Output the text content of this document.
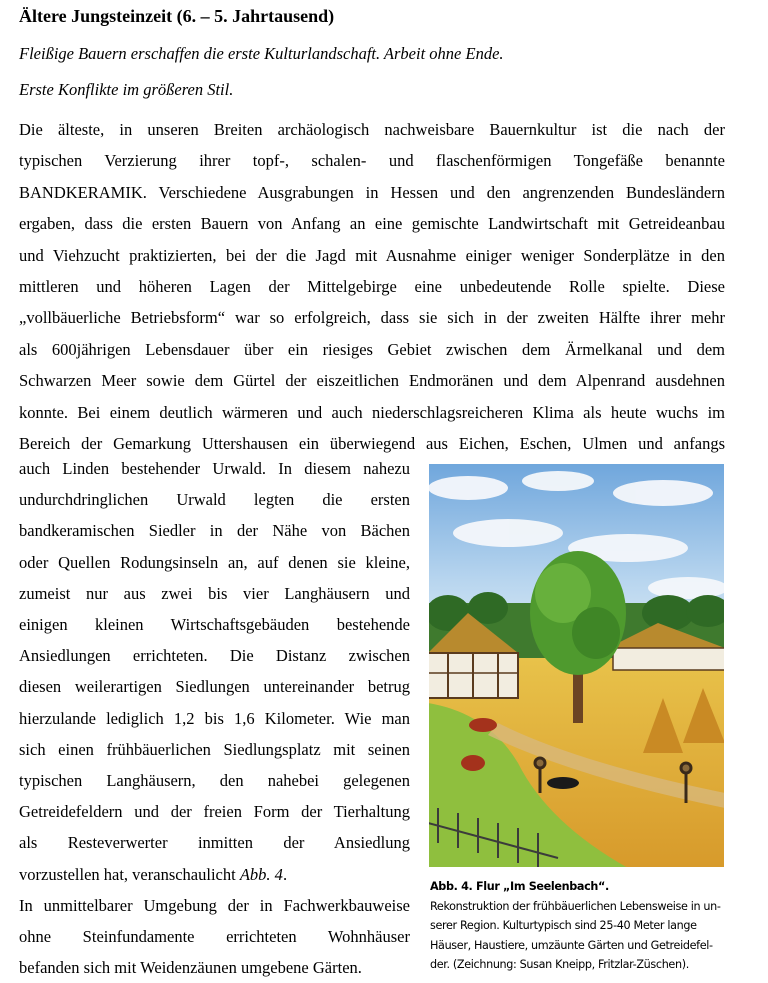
Ältere Jungsteinzeit (6. – 5. Jahrtausend)
Fleißige Bauern erschaffen die erste Kulturlandschaft. Arbeit ohne Ende.
Erste Konflikte im größeren Stil.
Die älteste, in unseren Breiten archäologisch nachweisbare Bauernkultur ist die nach der
typischen Verzierung ihrer topf-, schalen- und flaschenförmigen Tongefäße benannte
BANDKERAMIK. Verschiedene Ausgrabungen in Hessen und den angrenzenden Bundesländern
ergaben, dass die ersten Bauern von Anfang an eine gemischte Landwirtschaft mit Getreideanbau
und Viehzucht praktizierten, bei der die Jagd mit Ausnahme einiger weniger Sonderplätze in den
mittleren und höheren Lagen der Mittelgebirge eine unbedeutende Rolle spielte. Diese
„vollbäuerliche Betriebsform“ war so erfolgreich, dass sie sich in der zweiten Hälfte ihrer mehr
als 600jährigen Lebensdauer über ein riesiges Gebiet zwischen dem Ärmelkanal und dem
Schwarzen Meer sowie dem Gürtel der eiszeitlichen Endmoränen und dem Alpenrand ausdehnen
konnte. Bei einem deutlich wärmeren und auch niederschlagsreicheren Klima als heute wuchs im
Bereich der Gemarkung Uttershausen ein überwiegend aus Eichen, Eschen, Ulmen und anfangs
auch Linden bestehender Urwald. In diesem nahezu
undurchdringlichen Urwald legten die ersten
bandkeramischen Siedler in der Nähe von Bächen
oder Quellen Rodungsinseln an, auf denen sie kleine,
zumeist nur aus zwei bis vier Langhäusern und
einigen kleinen Wirtschaftsgebäuden bestehende
Ansiedlungen errichteten. Die Distanz zwischen
diesen weilerartigen Siedlungen untereinander betrug
hierzulande lediglich 1,2 bis 1,6 Kilometer. Wie man
sich einen frühbäuerlichen Siedlungsplatz mit seinen
typischen Langhäusern, den nahebei gelegenen
Getreidefeldern und der freien Form der Tierhaltung
als Resteverwerter inmitten der Ansiedlung
vorzustellen hat, veranschaulicht Abb. 4.
In unmittelbarer Umgebung der in Fachwerkbauweise
ohne Steinfundamente errichteten Wohnhäuser
befanden sich mit Weidenzäunen umgebene Gärten.
Abb. 4. Flur „Im Seelenbach“.
Rekonstruktion der frühbäuerlichen Lebensweise in un-
serer Region. Kulturtypisch sind 25-40 Meter lange
Häuser, Haustiere, umzäunte Gärten und Getreidefel-
der. (Zeichnung: Susan Kneipp, Fritzlar-Züschen).
